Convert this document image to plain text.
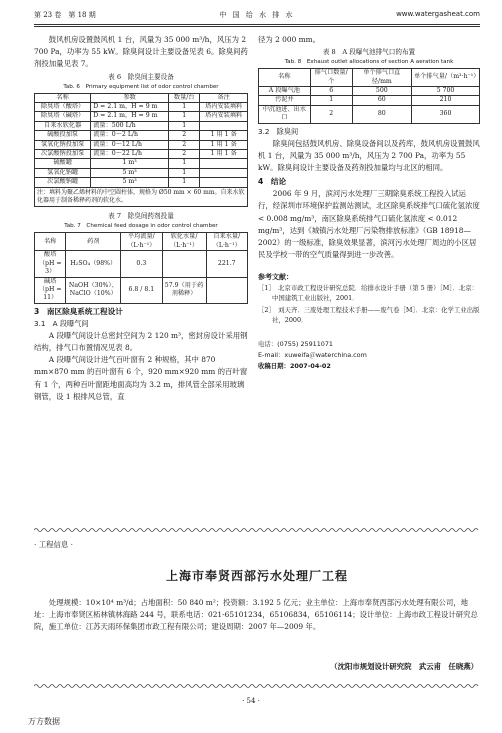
第 23 卷　第 18 期	中 国 给 水 排 水	www.watergasheat.com

鼓风机房设置鼓风机 1 台，风量为 35 000 m³/h，风压为 2 700 Pa，功率为 55 kW。除臭间设计主要设备见表 6。除臭间药剂投加量见表 7。

表 6　除臭间主要设备
Tab. 6　Primary equipment list of odor control chamber
名称	参数	数量/台	备注
除臭塔（酸塔）	D = 2.1 m，H = 9 m	1	塔内安装填料
除臭塔（碱塔）	D = 2.1 m，H = 9 m	1	塔内安装填料
自来水软化器	流量：500 L/h	1	
硫酸投加泵	流量：0～2 L/h	2	1 用 1 备
氢氧化钠投加泵	流量：0～12 L/h	2	1 用 1 备
次氯酸钠投加泵	流量：0～22 L/h	2	1 用 1 备
硫酸罐	1 m³	1	
氢氧化钠罐	5 m³	1	
次氯酸钠罐	5 m³	1	
注：填料为聚乙烯材料的中空圆柱体，规格为 Ø50 mm × 60 mm。自来水软化器用于制备稀释药剂的软化水。			
表 7　除臭间药剂投量
Tab. 7　Chemical feed dosage in odor control chamber
名称	药剂	平均流量/（L·h⁻¹）	软化水量/（L·h⁻¹）	自来水量/（L·h⁻¹）
酸塔（pH = 3）	H₂SO₄（98%）	0.3		221.7
碱塔（pH = 11）	NaOH（30%）、NaClO（10%）	6.8 / 8.1	57.9（用于药剂稀释）	
3　南区除臭系统工程设计

3.1　A 段曝气间

A 段曝气间设计总密封空间为 2 120 m³，密封房设计采用钢结构，排气口布置情况见表 8。

A 段曝气间设计进气百叶窗有 2 种规格，其中 870 mm×870 mm 的百叶窗有 6 个，920 mm×920 mm 的百叶窗有 1 个，两种百叶窗距地面高均为 3.2 m，排风管全部采用玻璃钢管，设 1 根排风总管，直

径为 2 000 mm。
表 8　A 段曝气池排气口的布置
Tab. 8　Exhaust outlet allocations of section A aeration tank
名称	排气口数量/个	单个排气口直径/mm	单个排气量/（m³·h⁻¹）
A 段曝气池	6	500	5 700
污泥井	1	60	210
中沉池进、出水口	2	80	360
3.2　除臭间

除臭间包括鼓风机房、除臭设备间以及药库，鼓风机房设置鼓风机 1 台，风量为 35 000 m³/h，风压为 2 700 Pa，功率为 55 kW。除臭间设计主要设备及药剂投加量均与北区的相同。

4　结论

2006 年 9 月，滨河污水处理厂三期除臭系统工程投入试运行，经深圳市环境保护监测站测试，北区除臭系统排气口硫化氢浓度 < 0.008 mg/m³，南区除臭系统排气口硫化氢浓度 < 0.012 mg/m³，达到《城镇污水处理厂污染物排放标准》（GB 18918—2002）的一级标准，除臭效果显著，滨河污水处理厂周边的小区居民及学校一带的空气质量得到进一步改善。

参考文献：
［1］　北京市政工程设计研究总院．给排水设计手册（第 5 册）［M］．北京：中国建筑工业出版社，2001．
［2］　刘天齐．三废处理工程技术手册——废气卷［M］．北京：化学工业出版社，2000．
电话：(0755) 25911071
E-mail：xuweifa＠waterchina.com
收稿日期：2007-04-02
· 工程信息 ·
上海市奉贤西部污水处理厂工程
处理规模：10×10⁴ m³/d；占地面积：50 840 m²；投资额：3.192 5 亿元；业主单位：上海市奉贤西部污水处理有限公司，地址：上海市奉贤区柘林镇林海路 244 号，联系电话：021-65101234，65106834，65106114；设计单位：上海市政工程设计研究总院，施工单位：江苏天雨环保集团市政工程有限公司；建设周期：2007 年—2009 年。
（沈阳市规划设计研究院　武云甫　任晓燕）
· 54 ·
万方数据
